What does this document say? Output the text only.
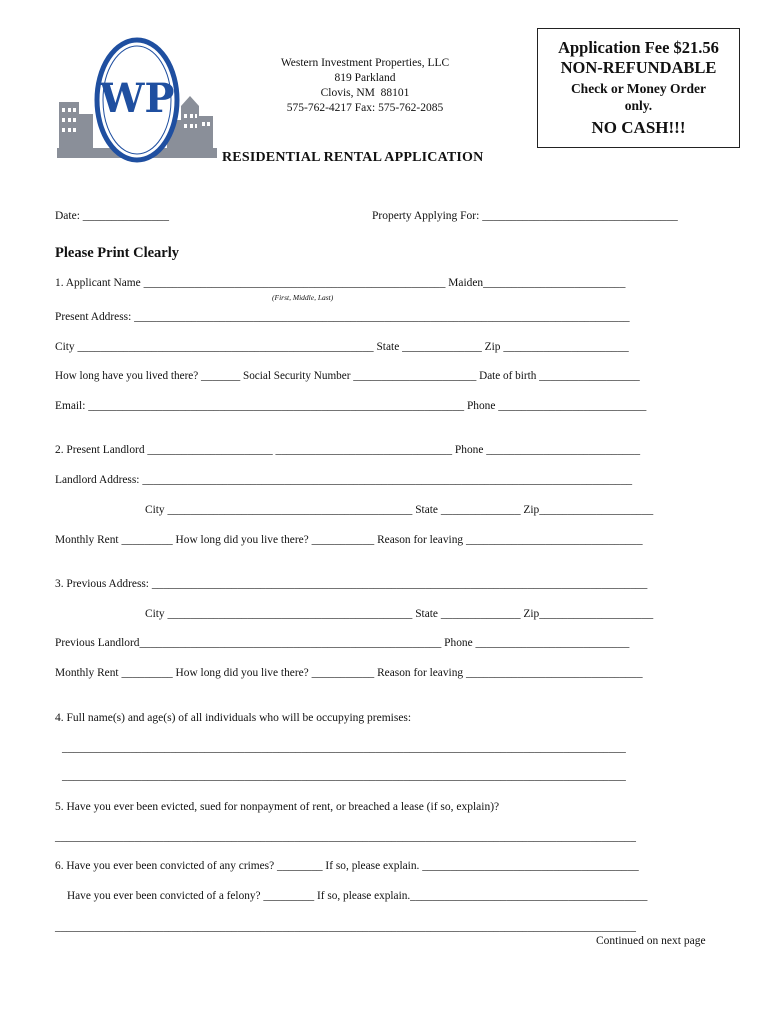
WP
Western Investment Properties, LLC
819 Parkland
Clovis, NM  88101
575-762-4217 Fax: 575-762-2085
Application Fee $21.56
NON-REFUNDABLE
Check or Money Order only.
NO CASH!!!
RESIDENTIAL RENTAL APPLICATION
Date: _______________	Property Applying For: __________________________________
Please Print Clearly
1. Applicant Name _____________________________________________________ Maiden_________________________
(First, Middle, Last)
Present Address: _______________________________________________________________________________________
City ____________________________________________________ State ______________ Zip ______________________
How long have you lived there? _______ Social Security Number ______________________ Date of birth __________________
Email: __________________________________________________________________ Phone __________________________
2. Present Landlord ______________________ _______________________________ Phone ___________________________
Landlord Address: ______________________________________________________________________________________
City ___________________________________________ State ______________ Zip____________________
Monthly Rent _________ How long did you live there? ___________ Reason for leaving _______________________________
3. Previous Address: _______________________________________________________________________________________
City ___________________________________________ State ______________ Zip____________________
Previous Landlord_____________________________________________________ Phone ___________________________
Monthly Rent _________ How long did you live there? ___________ Reason for leaving _______________________________
4. Full name(s) and age(s) of all individuals who will be occupying premises:
___________________________________________________________________________________________________
___________________________________________________________________________________________________
5. Have you ever been evicted, sued for nonpayment of rent, or breached a lease (if so, explain)?
______________________________________________________________________________________________________
6. Have you ever been convicted of any crimes? ________ If so, please explain. ______________________________________
Have you ever been convicted of a felony? _________ If so, please explain.__________________________________________
______________________________________________________________________________________________________
Continued on next page
